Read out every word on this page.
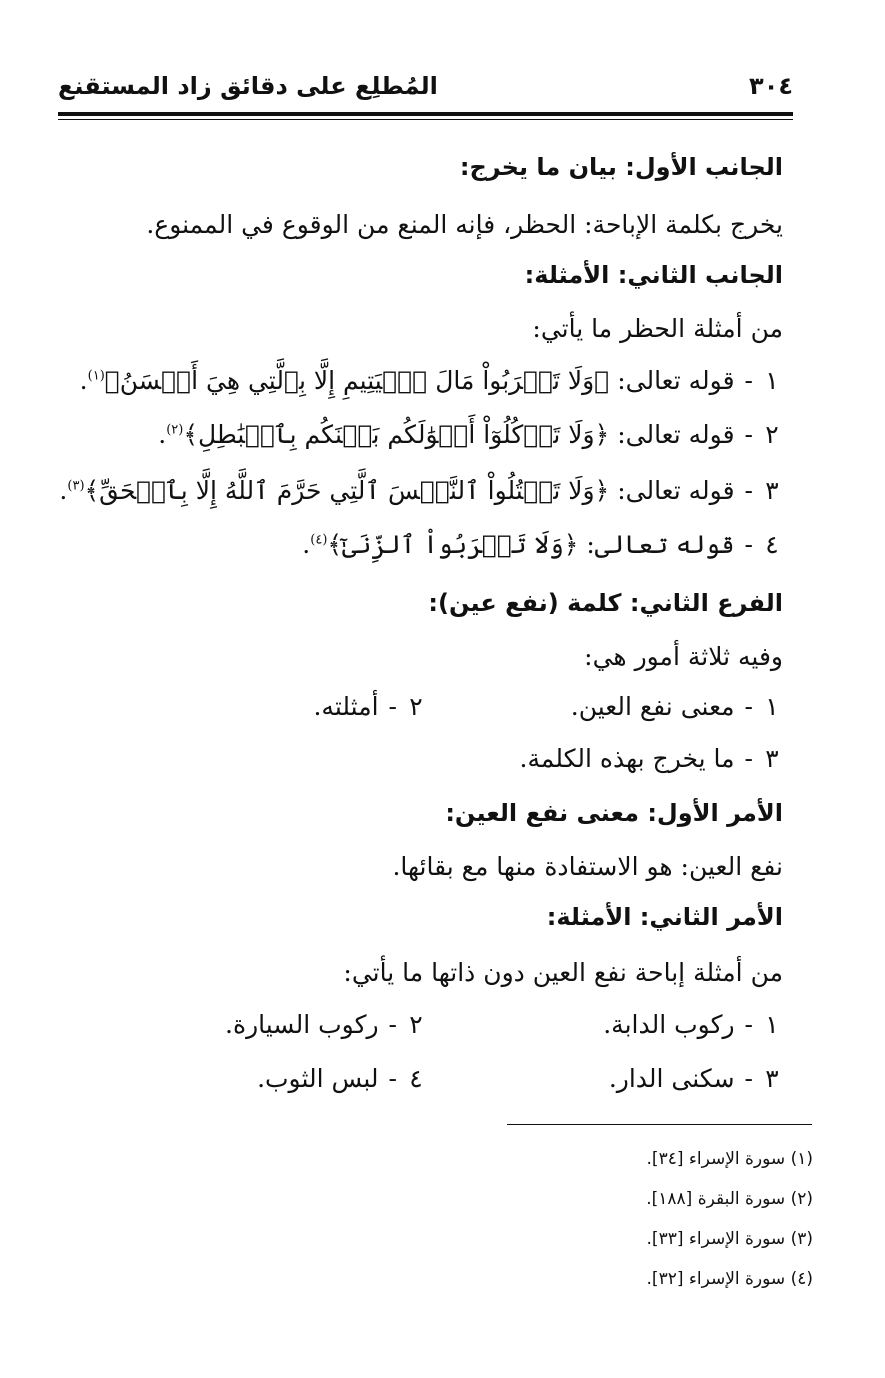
المُطلِع على دقائق زاد المستقنع	٣٠٤
الجانب الأول: بيان ما يخرج:
يخرج بكلمة الإباحة: الحظر، فإنه المنع من الوقوع في الممنوع.
الجانب الثاني: الأمثلة:
من أمثلة الحظر ما يأتي:
١-قوله تعالى: ﴿وَلَا تَقۡرَبُواْ مَالَ ٱلۡيَتِيمِ إِلَّا بِٱلَّتِي هِيَ أَحۡسَنُ﴾$^{(١)}$.
٢-قوله تعالى: ﴿وَلَا تَأۡكُلُوٓاْ أَمۡوَٰلَكُم بَيۡنَكُم بِٱلۡبَٰطِلِ﴾$^{(٢)}$.
٣-قوله تعالى: ﴿وَلَا تَقۡتُلُواْ ٱلنَّفۡسَ ٱلَّتِي حَرَّمَ ٱللَّهُ إِلَّا بِٱلۡحَقِّ﴾$^{(٣)}$.
٤-قوله تعالى: ﴿وَلَا تَقۡرَبُواْ ٱلزِّنَىٰٓ﴾$^{(٤)}$.
الفرع الثاني: كلمة (نفع عين):
وفيه ثلاثة أمور هي:
١-معنى نفع العين.
٢-أمثلته.
٣-ما يخرج بهذه الكلمة.
الأمر الأول: معنى نفع العين:
نفع العين: هو الاستفادة منها مع بقائها.
الأمر الثاني: الأمثلة:
من أمثلة إباحة نفع العين دون ذاتها ما يأتي:
١-ركوب الدابة.
٢-ركوب السيارة.
٣-سكنى الدار.
٤-لبس الثوب.
(١) سورة الإسراء [٣٤].
(٢) سورة البقرة [١٨٨].
(٣) سورة الإسراء [٣٣].
(٤) سورة الإسراء [٣٢].
